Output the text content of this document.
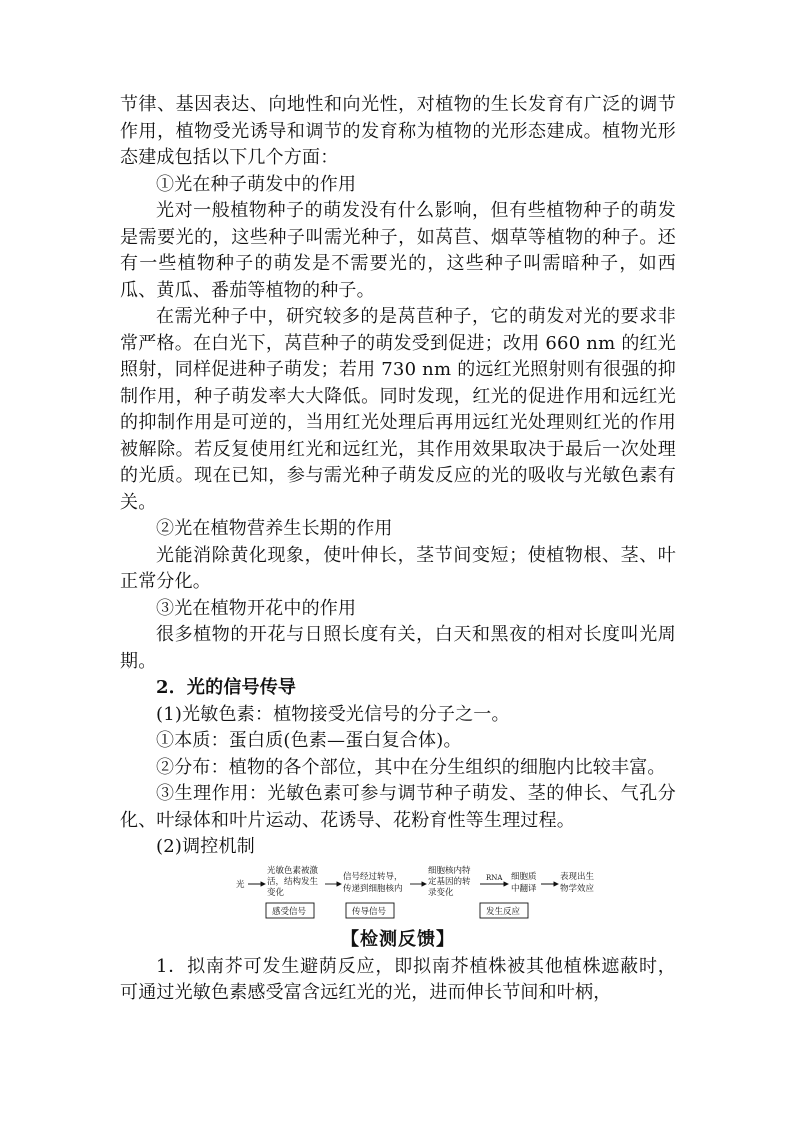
节律、基因表达、向地性和向光性，对植物的生长发育有广泛的调节作用，植物受光诱导和调节的发育称为植物的光形态建成。植物光形态建成包括以下几个方面：

①光在种子萌发中的作用

光对一般植物种子的萌发没有什么影响，但有些植物种子的萌发是需要光的，这些种子叫需光种子，如莴苣、烟草等植物的种子。还有一些植物种子的萌发是不需要光的，这些种子叫需暗种子，如西瓜、黄瓜、番茄等植物的种子。

在需光种子中，研究较多的是莴苣种子，它的萌发对光的要求非常严格。在白光下，莴苣种子的萌发受到促进；改用 660 nm 的红光照射，同样促进种子萌发；若用 730 nm 的远红光照射则有很强的抑制作用，种子萌发率大大降低。同时发现，红光的促进作用和远红光的抑制作用是可逆的，当用红光处理后再用远红光处理则红光的作用被解除。若反复使用红光和远红光，其作用效果取决于最后一次处理的光质。现在已知，参与需光种子萌发反应的光的吸收与光敏色素有关。

②光在植物营养生长期的作用

光能消除黄化现象，使叶伸长，茎节间变短；使植物根、茎、叶正常分化。

③光在植物开花中的作用

很多植物的开花与日照长度有关，白天和黑夜的相对长度叫光周期。

2．光的信号传导

(1)光敏色素：植物接受光信号的分子之一。

①本质：蛋白质(色素—蛋白复合体)。

②分布：植物的各个部位，其中在分生组织的细胞内比较丰富。

③生理作用：光敏色素可参与调节种子萌发、茎的伸长、气孔分化、叶绿体和叶片运动、花诱导、花粉育性等生理过程。

(2)调控机制

光
光敏色素被激
活，结构发生
变化
信号经过转导，
传递到细胞核内
细胞核内特
定基因的转
录变化
RNA 细胞质
中翻译
表现出生
物学效应
感受信号	传导信号	发生反应
【检测反馈】

1．拟南芥可发生避荫反应，即拟南芥植株被其他植株遮蔽时，可通过光敏色素感受富含远红光的光，进而伸长节间和叶柄，
